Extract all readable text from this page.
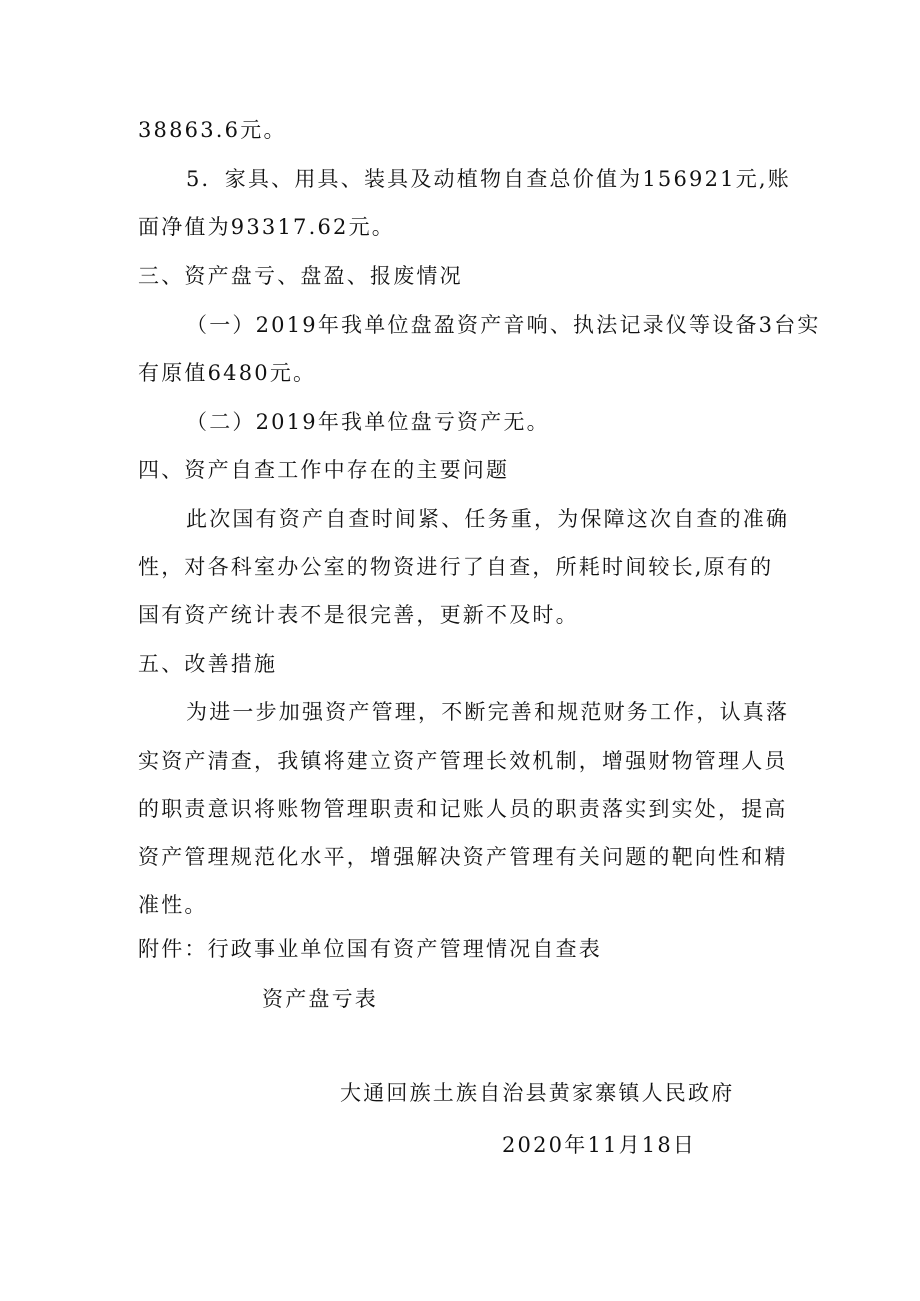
38863.6元。
5．家具、用具、装具及动植物自查总价值为156921元,账
面净值为93317.62元。
三、资产盘亏、盘盈、报废情况
（一）2019年我单位盘盈资产音响、执法记录仪等设备3台实
有原值6480元。
（二）2019年我单位盘亏资产无。
四、资产自查工作中存在的主要问题
此次国有资产自查时间紧、任务重，为保障这次自查的准确
性，对各科室办公室的物资进行了自查，所耗时间较长,原有的
国有资产统计表不是很完善，更新不及时。
五、改善措施
为进一步加强资产管理，不断完善和规范财务工作，认真落
实资产清查，我镇将建立资产管理长效机制，增强财物管理人员
的职责意识将账物管理职责和记账人员的职责落实到实处，提高
资产管理规范化水平，增强解决资产管理有关问题的靶向性和精
准性。
附件：行政事业单位国有资产管理情况自查表
资产盘亏表
大通回族土族自治县黄家寨镇人民政府
2020年11月18日
